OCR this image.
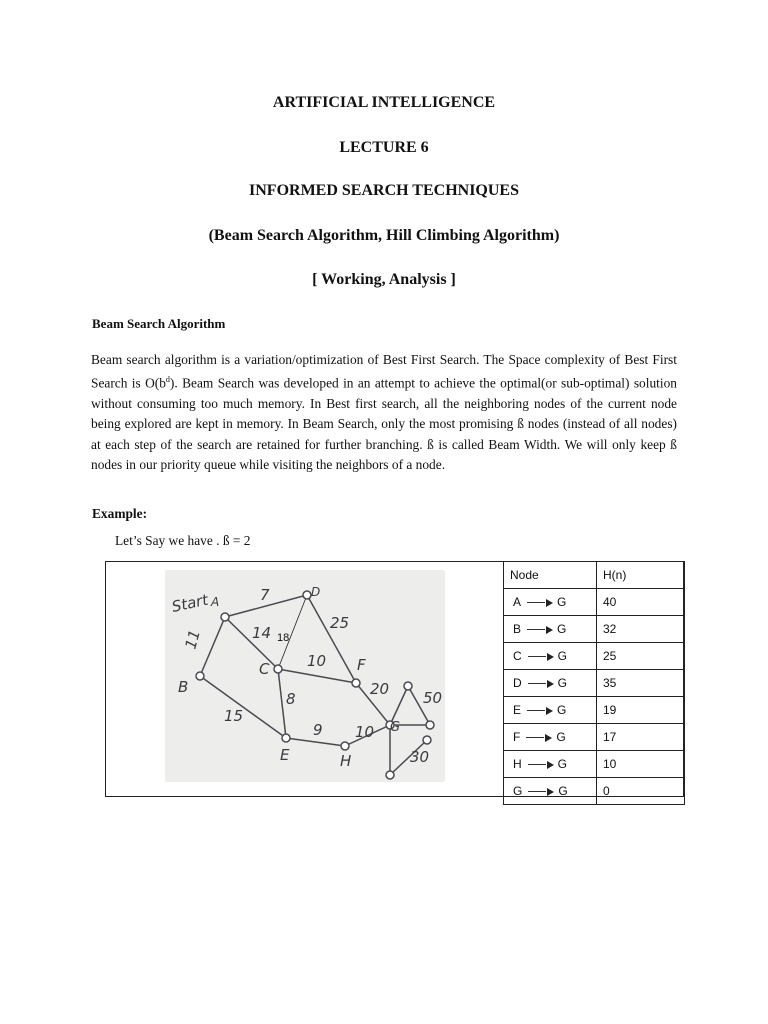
ARTIFICIAL INTELLIGENCE
LECTURE 6
INFORMED SEARCH TECHNIQUES
(Beam Search Algorithm, Hill Climbing Algorithm)
[ Working, Analysis ]
Beam Search Algorithm

Beam search algorithm is a variation/optimization of Best First Search. The Space complexity of Best First Search is $O(b^d)$. Beam Search was developed in an attempt to achieve the optimal(or sub-optimal) solution without consuming too much memory. In Best first search, all the neighboring nodes of the current node being explored are kept in memory. In Beam Search, only the most promising ß nodes (instead of all nodes) at each step of the search are retained for further branching. ß is called Beam Width. We will only keep ß nodes in our priority queue while visiting the neighbors of a node.

Example:
Let’s Say we have . ß = 2
Start A
B
C
D
E
F
G
H
7
14
11
25
10
8
15
9 10
20 50
30
18
Node	H(n)
A G	40
B G	32
C G	25
D G	35
E G	19
F G	17
H G	10
G G	0
